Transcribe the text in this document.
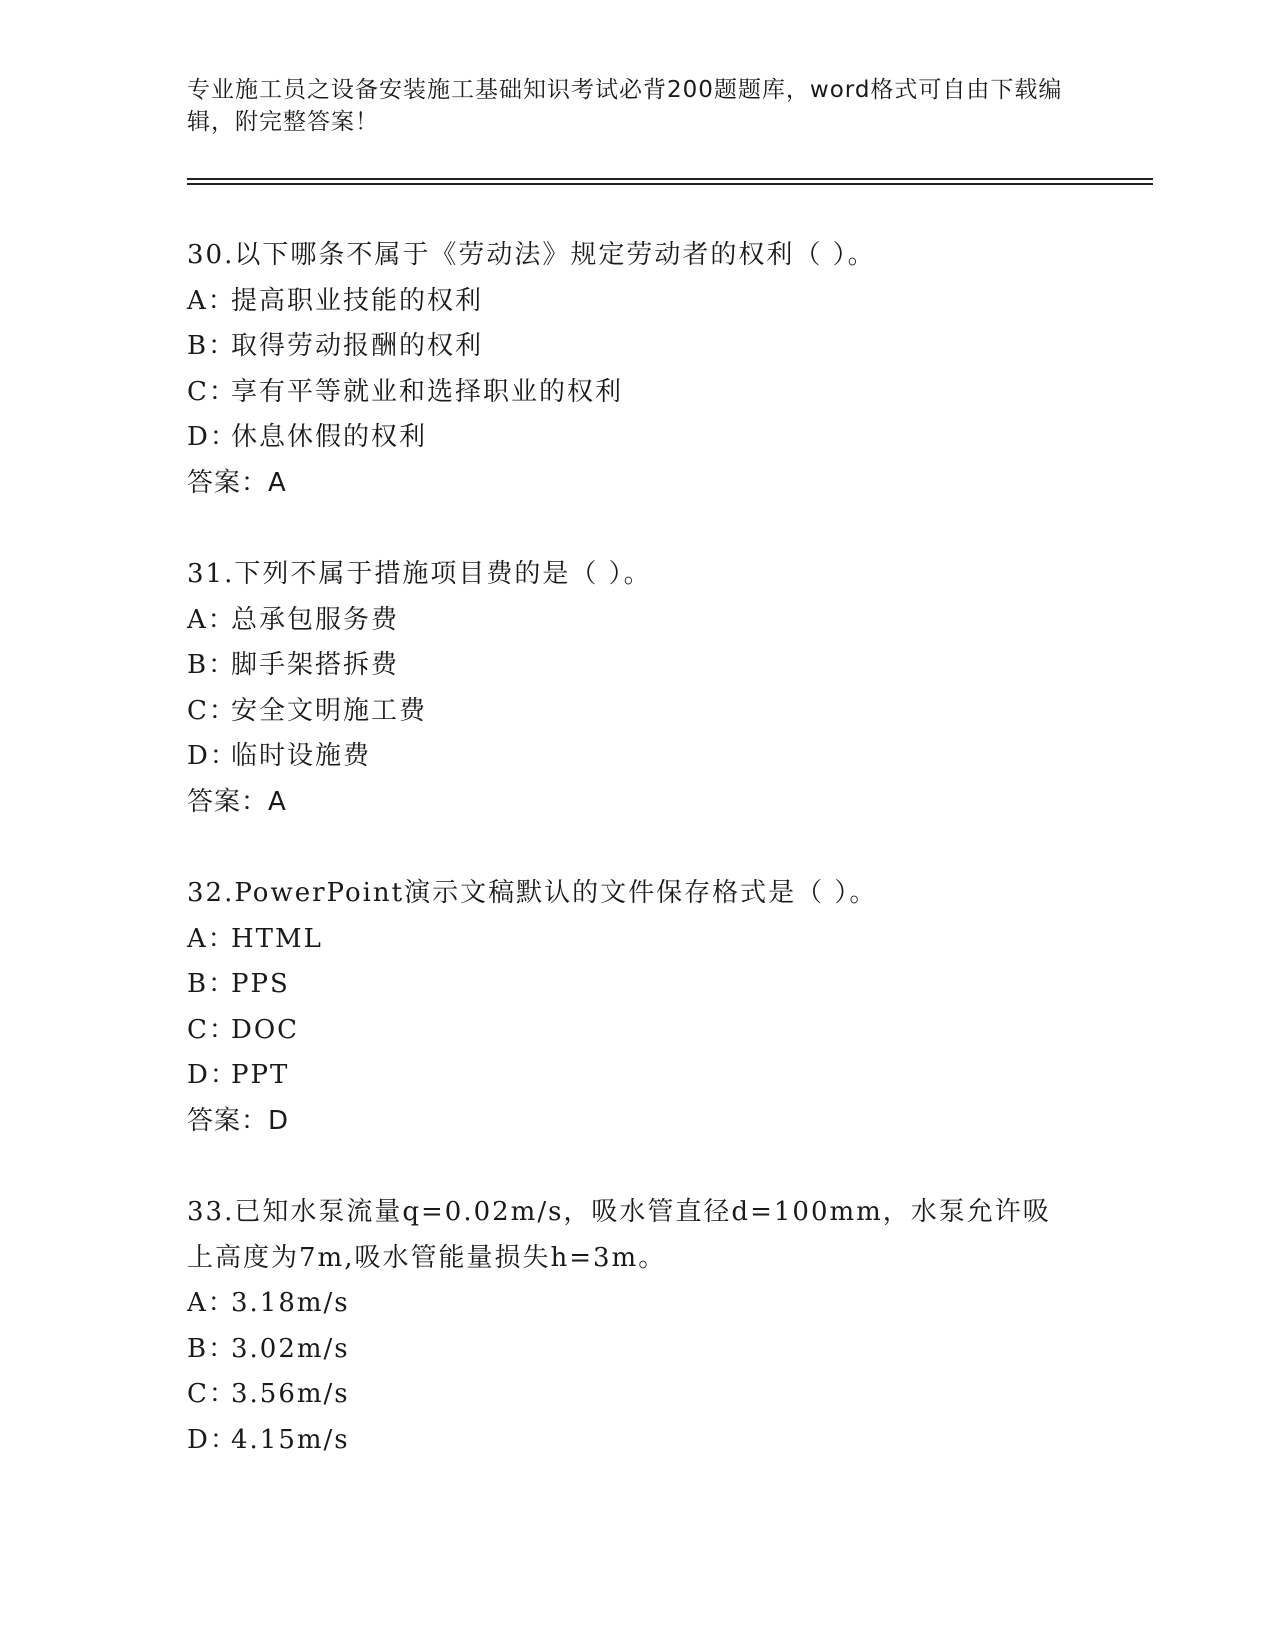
专业施工员之设备安装施工基础知识考试必背200题题库，word格式可自由下载编辑，附完整答案！
30.以下哪条不属于《劳动法》规定劳动者的权利（ ）。
A：提高职业技能的权利
B：取得劳动报酬的权利
C：享有平等就业和选择职业的权利
D：休息休假的权利
答案：A
31.下列不属于措施项目费的是（ ）。
A：总承包服务费
B：脚手架搭拆费
C：安全文明施工费
D：临时设施费
答案：A
32.PowerPoint演示文稿默认的文件保存格式是（ ）。
A：HTML
B：PPS
C：DOC
D：PPT
答案：D
33.已知水泵流量q=0.02m/s，吸水管直径d=100mm，水泵允许吸上高度为7m,吸水管能量损失h=3m。
A：3.18m/s
B：3.02m/s
C：3.56m/s
D：4.15m/s
